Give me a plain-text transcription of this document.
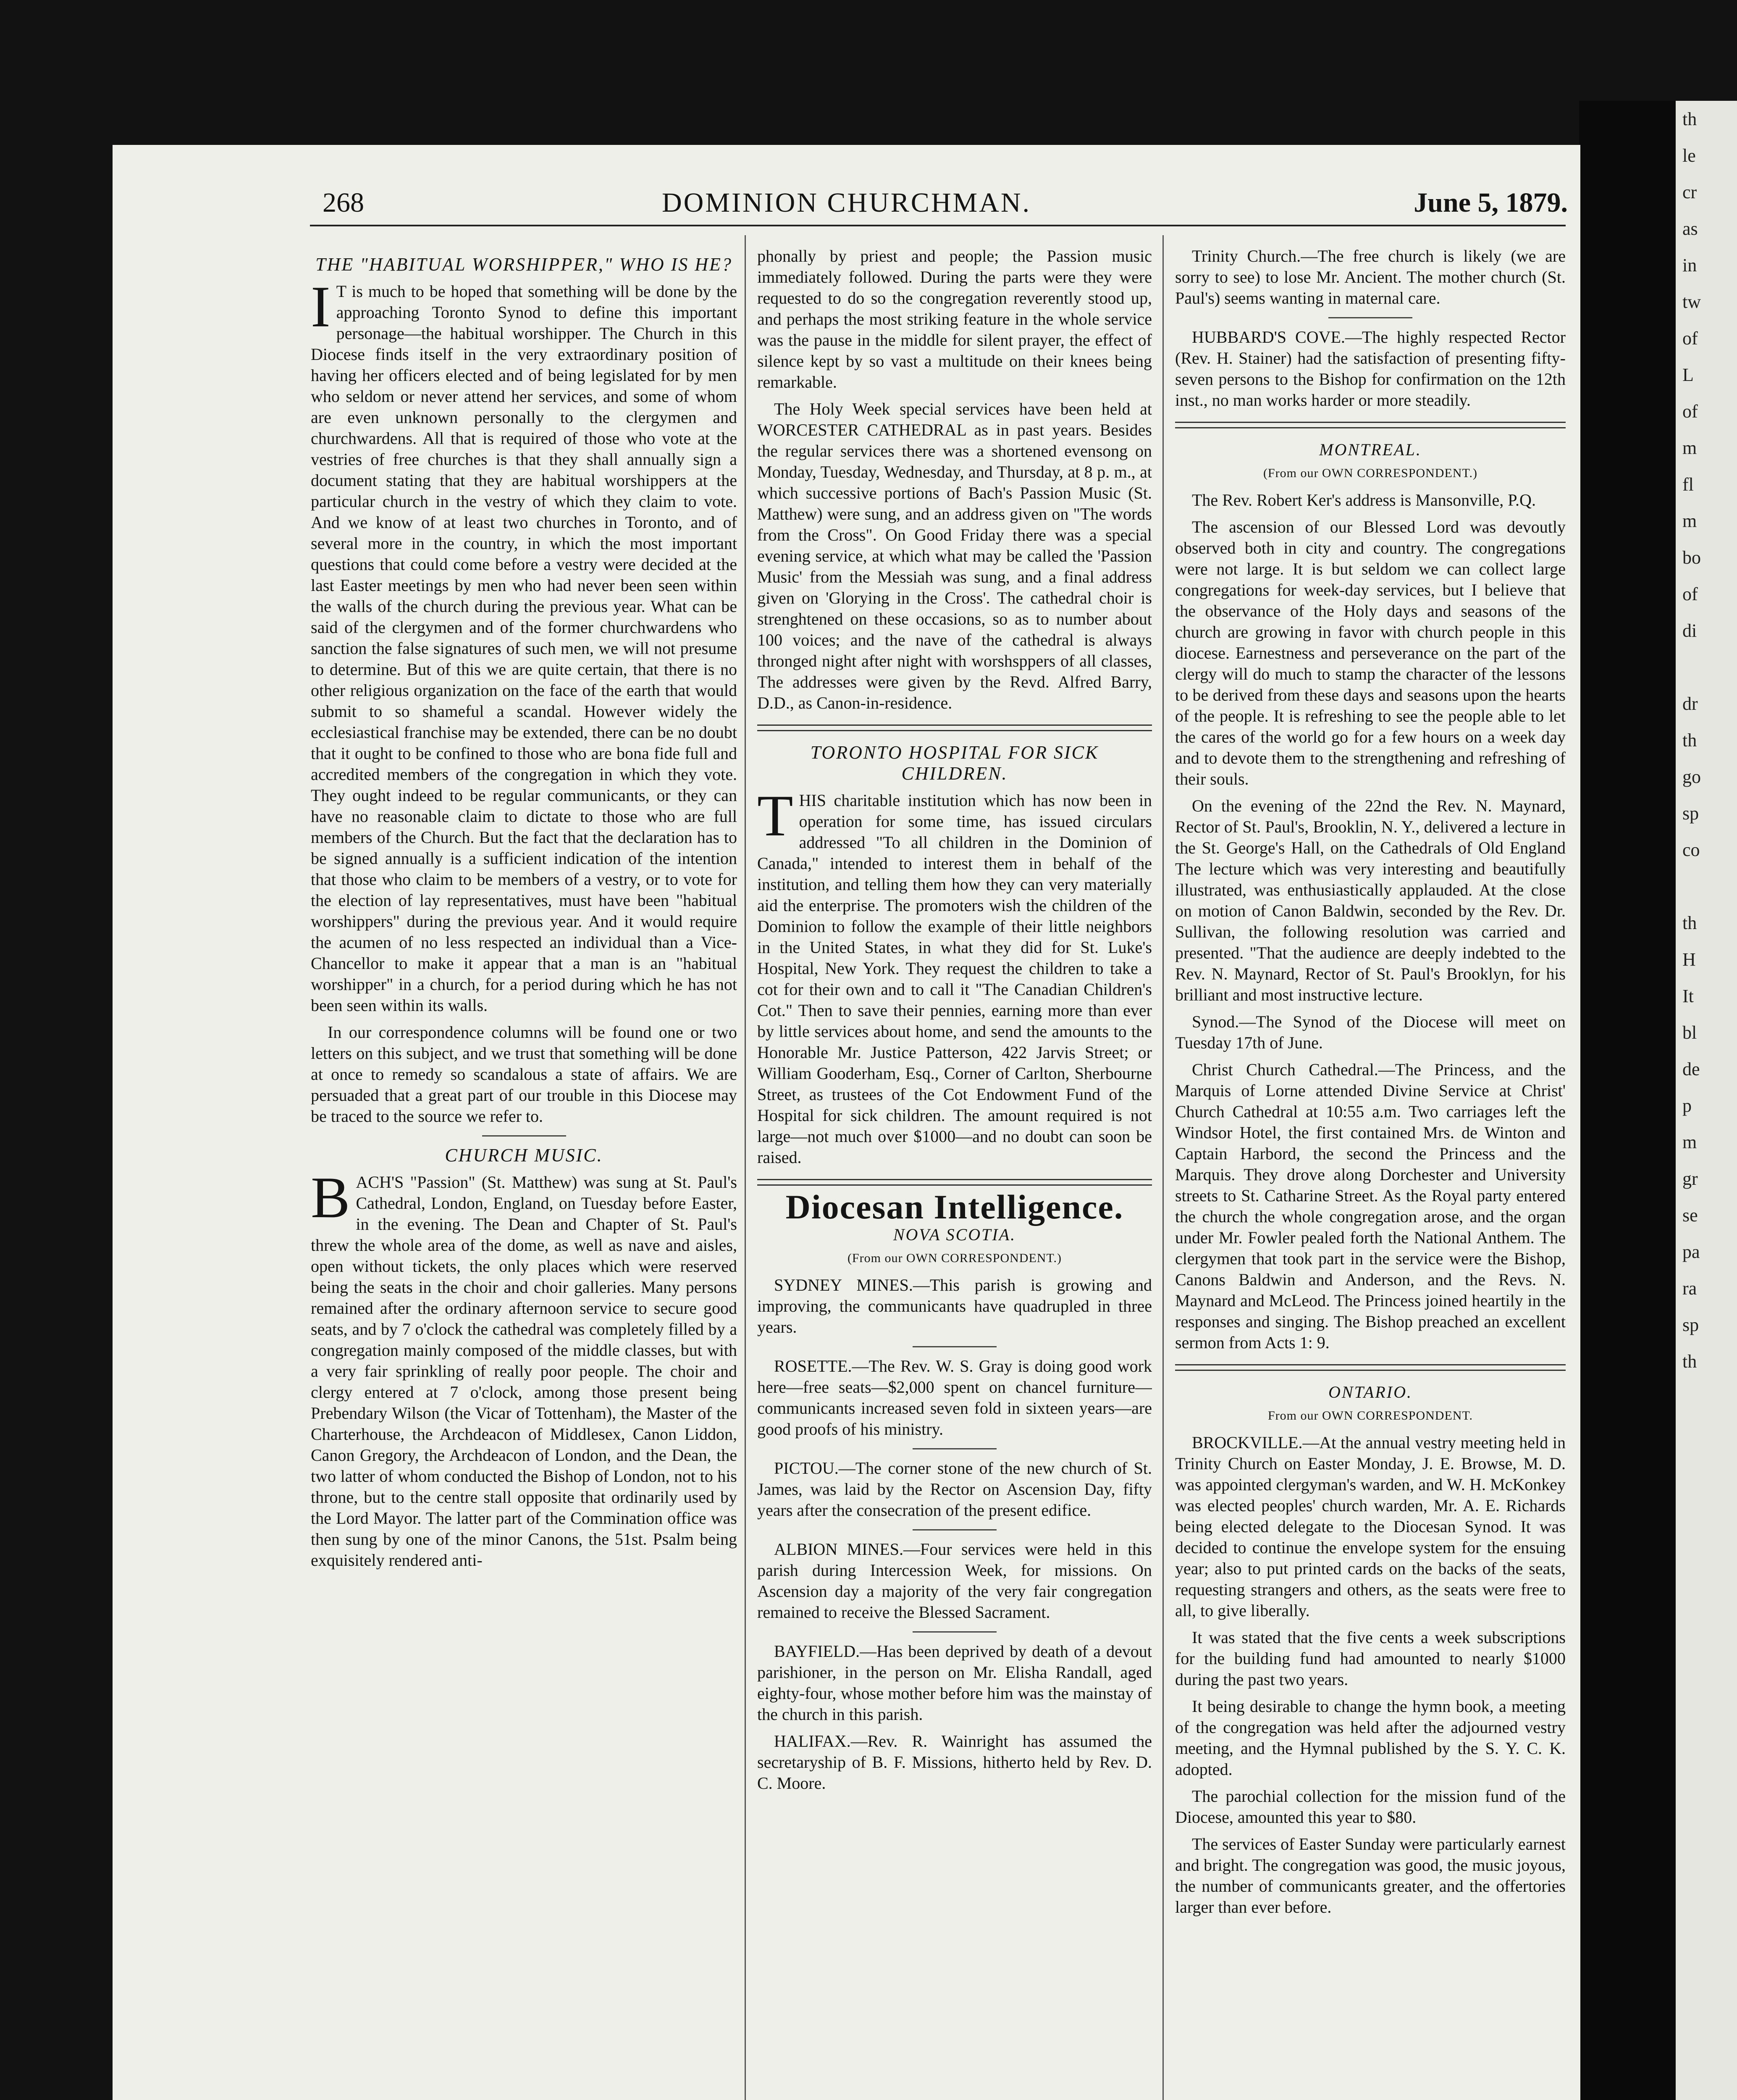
th
le
cr
as
in
tw
of
L
of
m
fl
m
bo
of
di

dr
th
go
sp
co

th
H
It
bl
de
p
m
gr
se
pa
ra
sp
th
268	DOMINION CHURCHMAN.	June 5, 1879.
THE "HABITUAL WORSHIPPER," WHO IS HE?

I T is much to be hoped that something will be done by the approaching Toronto Synod to define this important personage—the habitual worshipper. The Church in this Diocese finds itself in the very extraordinary position of having her officers elected and of being legislated for by men who seldom or never attend her services, and some of whom are even unknown personally to the clergymen and churchwardens. All that is required of those who vote at the vestries of free churches is that they shall annually sign a document stating that they are habitual worshippers at the particular church in the vestry of which they claim to vote. And we know of at least two churches in Toronto, and of several more in the country, in which the most important questions that could come before a vestry were decided at the last Easter meetings by men who had never been seen within the walls of the church during the previous year. What can be said of the clergymen and of the former churchwardens who sanction the false signatures of such men, we will not presume to determine. But of this we are quite certain, that there is no other religious organization on the face of the earth that would submit to so shameful a scandal. However widely the ecclesiastical franchise may be extended, there can be no doubt that it ought to be confined to those who are bona fide full and accredited members of the congregation in which they vote. They ought indeed to be regular communicants, or they can have no reasonable claim to dictate to those who are full members of the Church. But the fact that the declaration has to be signed annually is a sufficient indication of the intention that those who claim to be members of a vestry, or to vote for the election of lay representatives, must have been "habitual worshippers" during the previous year. And it would require the acumen of no less respected an individual than a Vice-Chancellor to make it appear that a man is an "habitual worshipper" in a church, for a period during which he has not been seen within its walls.

In our correspondence columns will be found one or two letters on this subject, and we trust that something will be done at once to remedy so scandalous a state of affairs. We are persuaded that a great part of our trouble in this Diocese may be traced to the source we refer to.

CHURCH MUSIC.

BACH'S "Passion" (St. Matthew) was sung at St. Paul's Cathedral, London, England, on Tuesday before Easter, in the evening. The Dean and Chapter of St. Paul's threw the whole area of the dome, as well as nave and aisles, open without tickets, the only places which were reserved being the seats in the choir and choir galleries. Many persons remained after the ordinary afternoon service to secure good seats, and by 7 o'clock the cathedral was completely filled by a congregation mainly composed of the middle classes, but with a very fair sprinkling of really poor people. The choir and clergy entered at 7 o'clock, among those present being Prebendary Wilson (the Vicar of Tottenham), the Master of the Charterhouse, the Archdeacon of Middlesex, Canon Liddon, Canon Gregory, the Archdeacon of London, and the Dean, the two latter of whom conducted the Bishop of London, not to his throne, but to the centre stall opposite that ordinarily used by the Lord Mayor. The latter part of the Commination office was then sung by one of the minor Canons, the 51st. Psalm being exquisitely rendered anti-

phonally by priest and people; the Passion music immediately followed. During the parts were they were requested to do so the congregation reverently stood up, and perhaps the most striking feature in the whole service was the pause in the middle for silent prayer, the effect of silence kept by so vast a multitude on their knees being remarkable.

The Holy Week special services have been held at WORCESTER CATHEDRAL as in past years. Besides the regular services there was a shortened evensong on Monday, Tuesday, Wednesday, and Thursday, at 8 p. m., at which successive portions of Bach's Passion Music (St. Matthew) were sung, and an address given on "The words from the Cross". On Good Friday there was a special evening service, at which what may be called the 'Passion Music' from the Messiah was sung, and a final address given on 'Glorying in the Cross'. The cathedral choir is strenghtened on these occasions, so as to number about 100 voices; and the nave of the cathedral is always thronged night after night with worshsppers of all classes, The addresses were given by the Revd. Alfred Barry, D.D., as Canon-in-residence.

TORONTO HOSPITAL FOR SICK CHILDREN.

THIS charitable institution which has now been in operation for some time, has issued circulars addressed "To all children in the Dominion of Canada," intended to interest them in behalf of the institution, and telling them how they can very materially aid the enterprise. The promoters wish the children of the Dominion to follow the example of their little neighbors in the United States, in what they did for St. Luke's Hospital, New York. They request the children to take a cot for their own and to call it "The Canadian Children's Cot." Then to save their pennies, earning more than ever by little services about home, and send the amounts to the Honorable Mr. Justice Patterson, 422 Jarvis Street; or William Gooderham, Esq., Corner of Carlton, Sherbourne Street, as trustees of the Cot Endowment Fund of the Hospital for sick children. The amount required is not large—not much over $1000—and no doubt can soon be raised.

Diocesan Intelligence.
NOVA SCOTIA.
(From our OWN CORRESPONDENT.)

SYDNEY MINES.—This parish is growing and improving, the communicants have quadrupled in three years.

ROSETTE.—The Rev. W. S. Gray is doing good work here—free seats—$2,000 spent on chancel furniture—communicants increased seven fold in sixteen years—are good proofs of his ministry.

PICTOU.—The corner stone of the new church of St. James, was laid by the Rector on Ascension Day, fifty years after the consecration of the present edifice.

ALBION MINES.—Four services were held in this parish during Intercession Week, for missions. On Ascension day a majority of the very fair congregation remained to receive the Blessed Sacrament.

BAYFIELD.—Has been deprived by death of a devout parishioner, in the person on Mr. Elisha Randall, aged eighty-four, whose mother before him was the mainstay of the church in this parish.

HALIFAX.—Rev. R. Wainright has assumed the secretaryship of B. F. Missions, hitherto held by Rev. D. C. Moore.

Trinity Church.—The free church is likely (we are sorry to see) to lose Mr. Ancient. The mother church (St. Paul's) seems wanting in maternal care.

HUBBARD'S COVE.—The highly respected Rector (Rev. H. Stainer) had the satisfaction of presenting fifty-seven persons to the Bishop for confirmation on the 12th inst., no man works harder or more steadily.

MONTREAL.
(From our OWN CORRESPONDENT.)

The Rev. Robert Ker's address is Mansonville, P.Q.

The ascension of our Blessed Lord was devoutly observed both in city and country. The congregations were not large. It is but seldom we can collect large congregations for week-day services, but I believe that the observance of the Holy days and seasons of the church are growing in favor with church people in this diocese. Earnestness and perseverance on the part of the clergy will do much to stamp the character of the lessons to be derived from these days and seasons upon the hearts of the people. It is refreshing to see the people able to let the cares of the world go for a few hours on a week day and to devote them to the strengthening and refreshing of their souls.

On the evening of the 22nd the Rev. N. Maynard, Rector of St. Paul's, Brooklin, N. Y., delivered a lecture in the St. George's Hall, on the Cathedrals of Old England The lecture which was very interesting and beautifully illustrated, was enthusiastically applauded. At the close on motion of Canon Baldwin, seconded by the Rev. Dr. Sullivan, the following resolution was carried and presented. "That the audience are deeply indebted to the Rev. N. Maynard, Rector of St. Paul's Brooklyn, for his brilliant and most instructive lecture.

Synod.—The Synod of the Diocese will meet on Tuesday 17th of June.

Christ Church Cathedral.—The Princess, and the Marquis of Lorne attended Divine Service at Christ' Church Cathedral at 10:55 a.m. Two carriages left the Windsor Hotel, the first contained Mrs. de Winton and Captain Harbord, the second the Princess and the Marquis. They drove along Dorchester and University streets to St. Catharine Street. As the Royal party entered the church the whole congregation arose, and the organ under Mr. Fowler pealed forth the National Anthem. The clergymen that took part in the service were the Bishop, Canons Baldwin and Anderson, and the Revs. N. Maynard and McLeod. The Princess joined heartily in the responses and singing. The Bishop preached an excellent sermon from Acts 1: 9.

ONTARIO.
From our OWN CORRESPONDENT.

BROCKVILLE.—At the annual vestry meeting held in Trinity Church on Easter Monday, J. E. Browse, M. D. was appointed clergyman's warden, and W. H. McKonkey was elected peoples' church warden, Mr. A. E. Richards being elected delegate to the Diocesan Synod. It was decided to continue the envelope system for the ensuing year; also to put printed cards on the backs of the seats, requesting strangers and others, as the seats were free to all, to give liberally.

It was stated that the five cents a week subscriptions for the building fund had amounted to nearly $1000 during the past two years.

It being desirable to change the hymn book, a meeting of the congregation was held after the adjourned vestry meeting, and the Hymnal published by the S. Y. C. K. adopted.

The parochial collection for the mission fund of the Diocese, amounted this year to $80.

The services of Easter Sunday were particularly earnest and bright. The congregation was good, the music joyous, the number of communicants greater, and the offertories larger than ever before.
